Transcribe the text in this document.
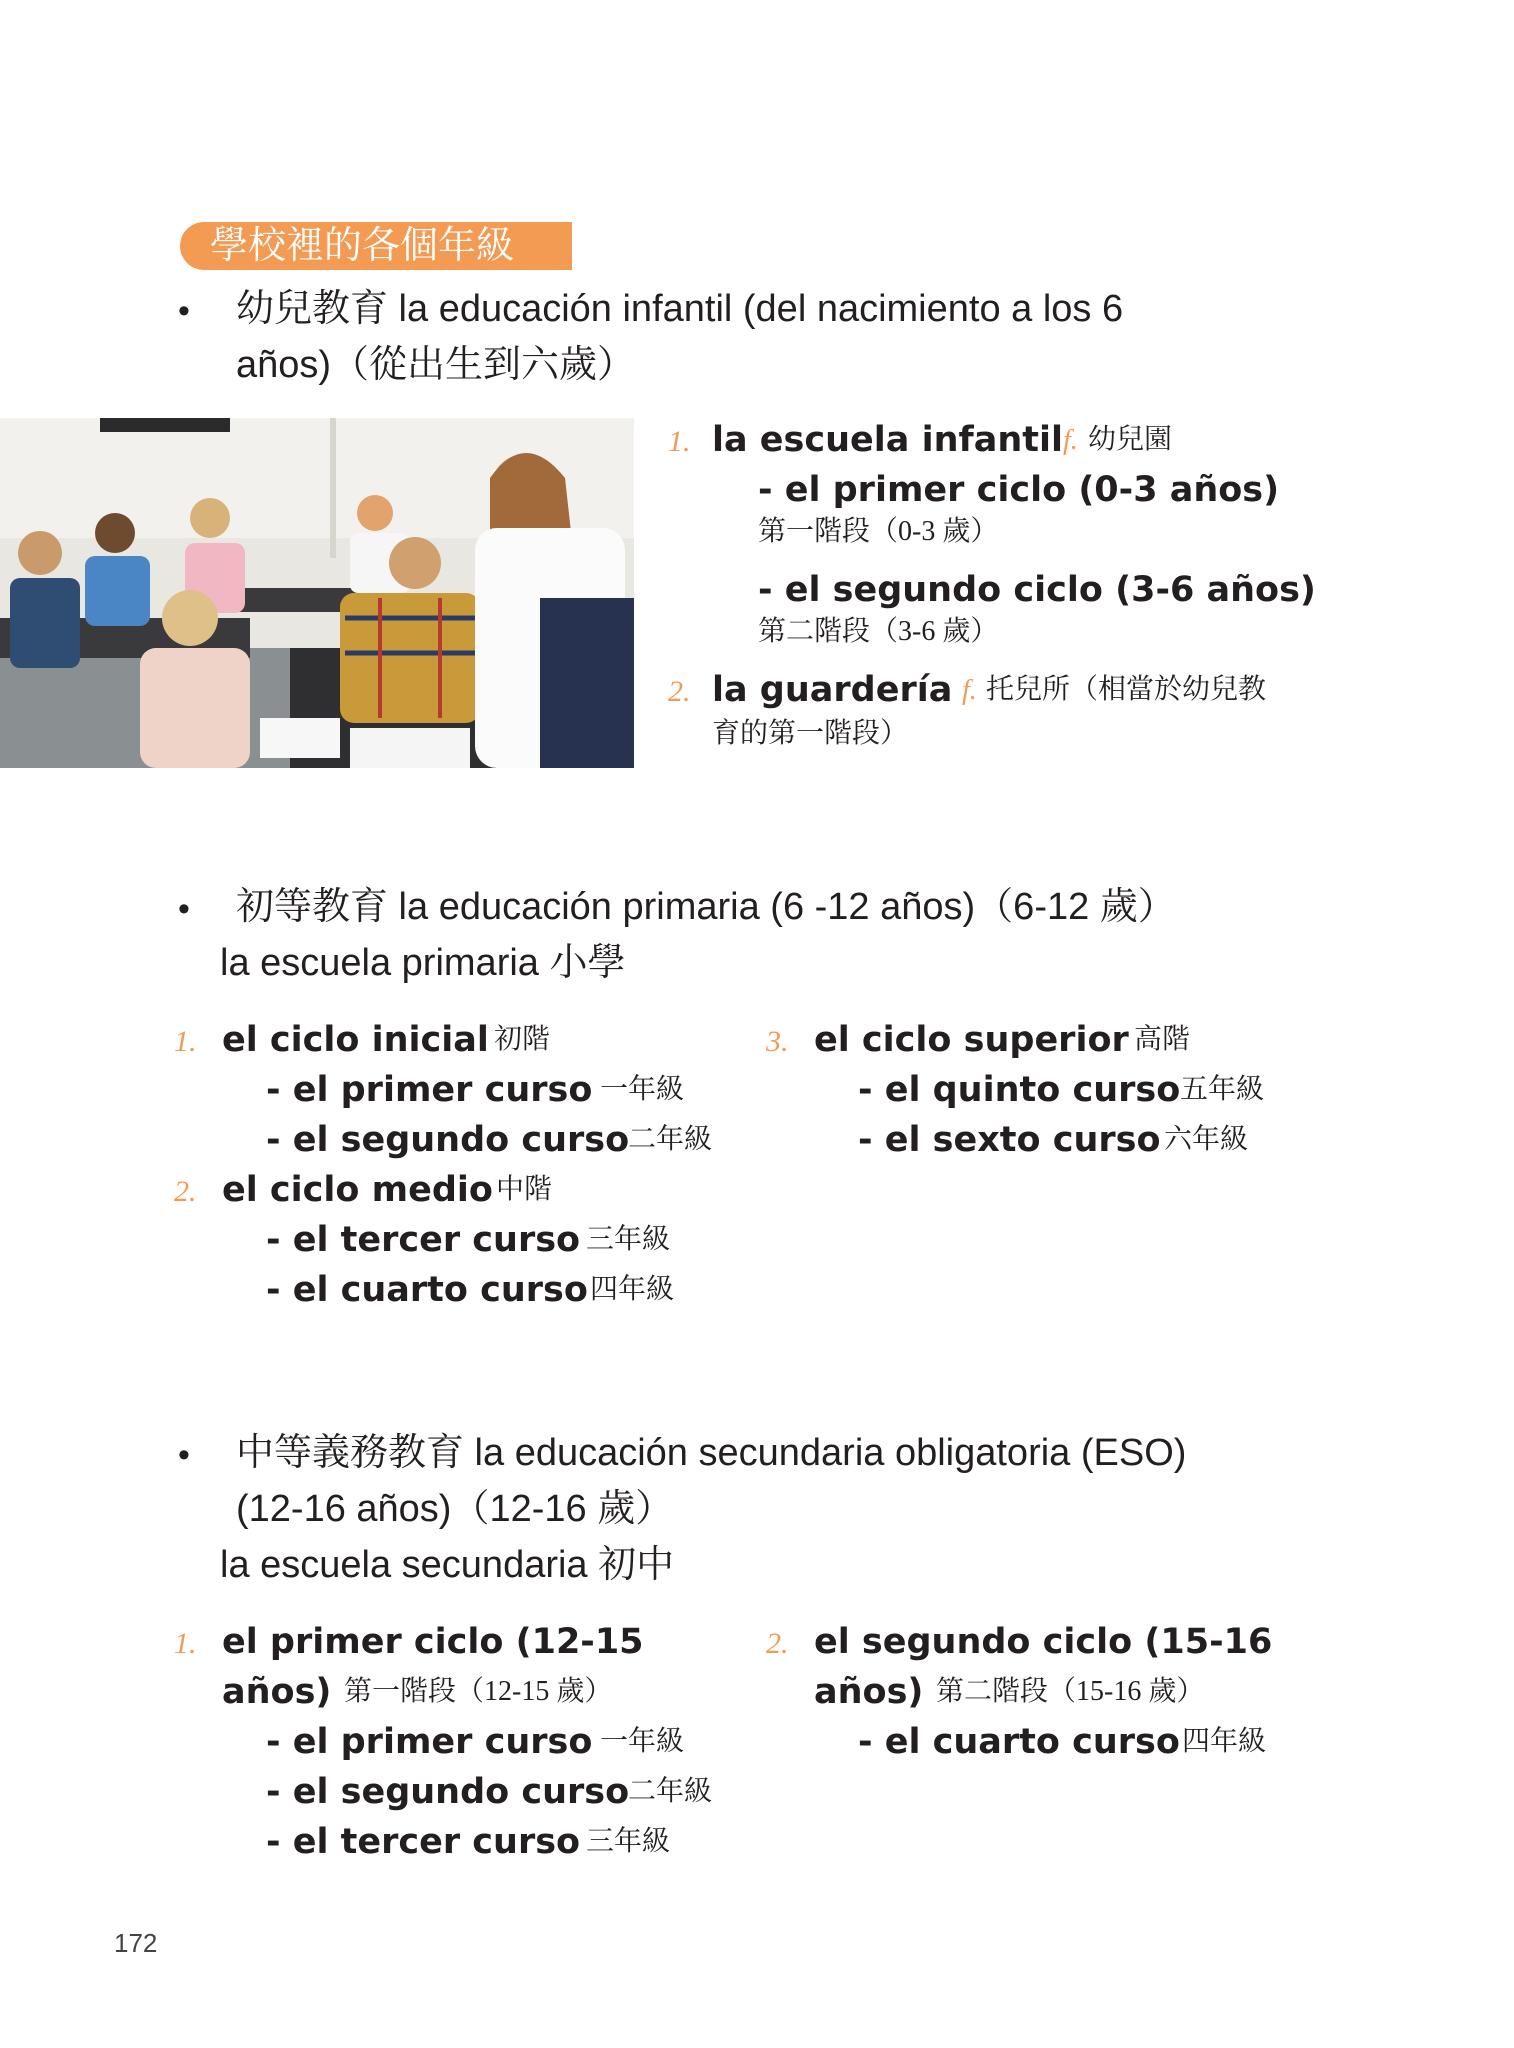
學校裡的各個年級
• 幼兒教育 la educación infantil (del nacimiento a los 6
años)（從出生到六歲）
1. la escuela infantil f. 幼兒園
- el primer ciclo (0-3 años)
第一階段（0-3 歲）
- el segundo ciclo (3-6 años)
第二階段（3-6 歲）
2. la guardería f. 托兒所（相當於幼兒教
育的第一階段）
• 初等教育 la educación primaria (6 -12 años)（6-12 歲）
la escuela primaria 小學
1. el ciclo inicial 初階
- el primer curso 一年級
- el segundo curso
二年級
2. el ciclo medio 中階
- el tercer curso 三年級
- el cuarto curso 四年級
3. el ciclo superior 高階
- el quinto curso 五年級
- el sexto curso 六年級
• 中等義務教育 la educación secundaria obligatoria (ESO)
(12-16 años)（12-16 歲）
la escuela secundaria 初中
1. el primer ciclo (12-15
años) 第一階段（12-15 歲）
- el primer curso 一年級
- el segundo curso
二年級
- el tercer curso 三年級
2. el segundo ciclo (15-16
años) 第二階段（15-16 歲）
- el cuarto curso 四年級
172
